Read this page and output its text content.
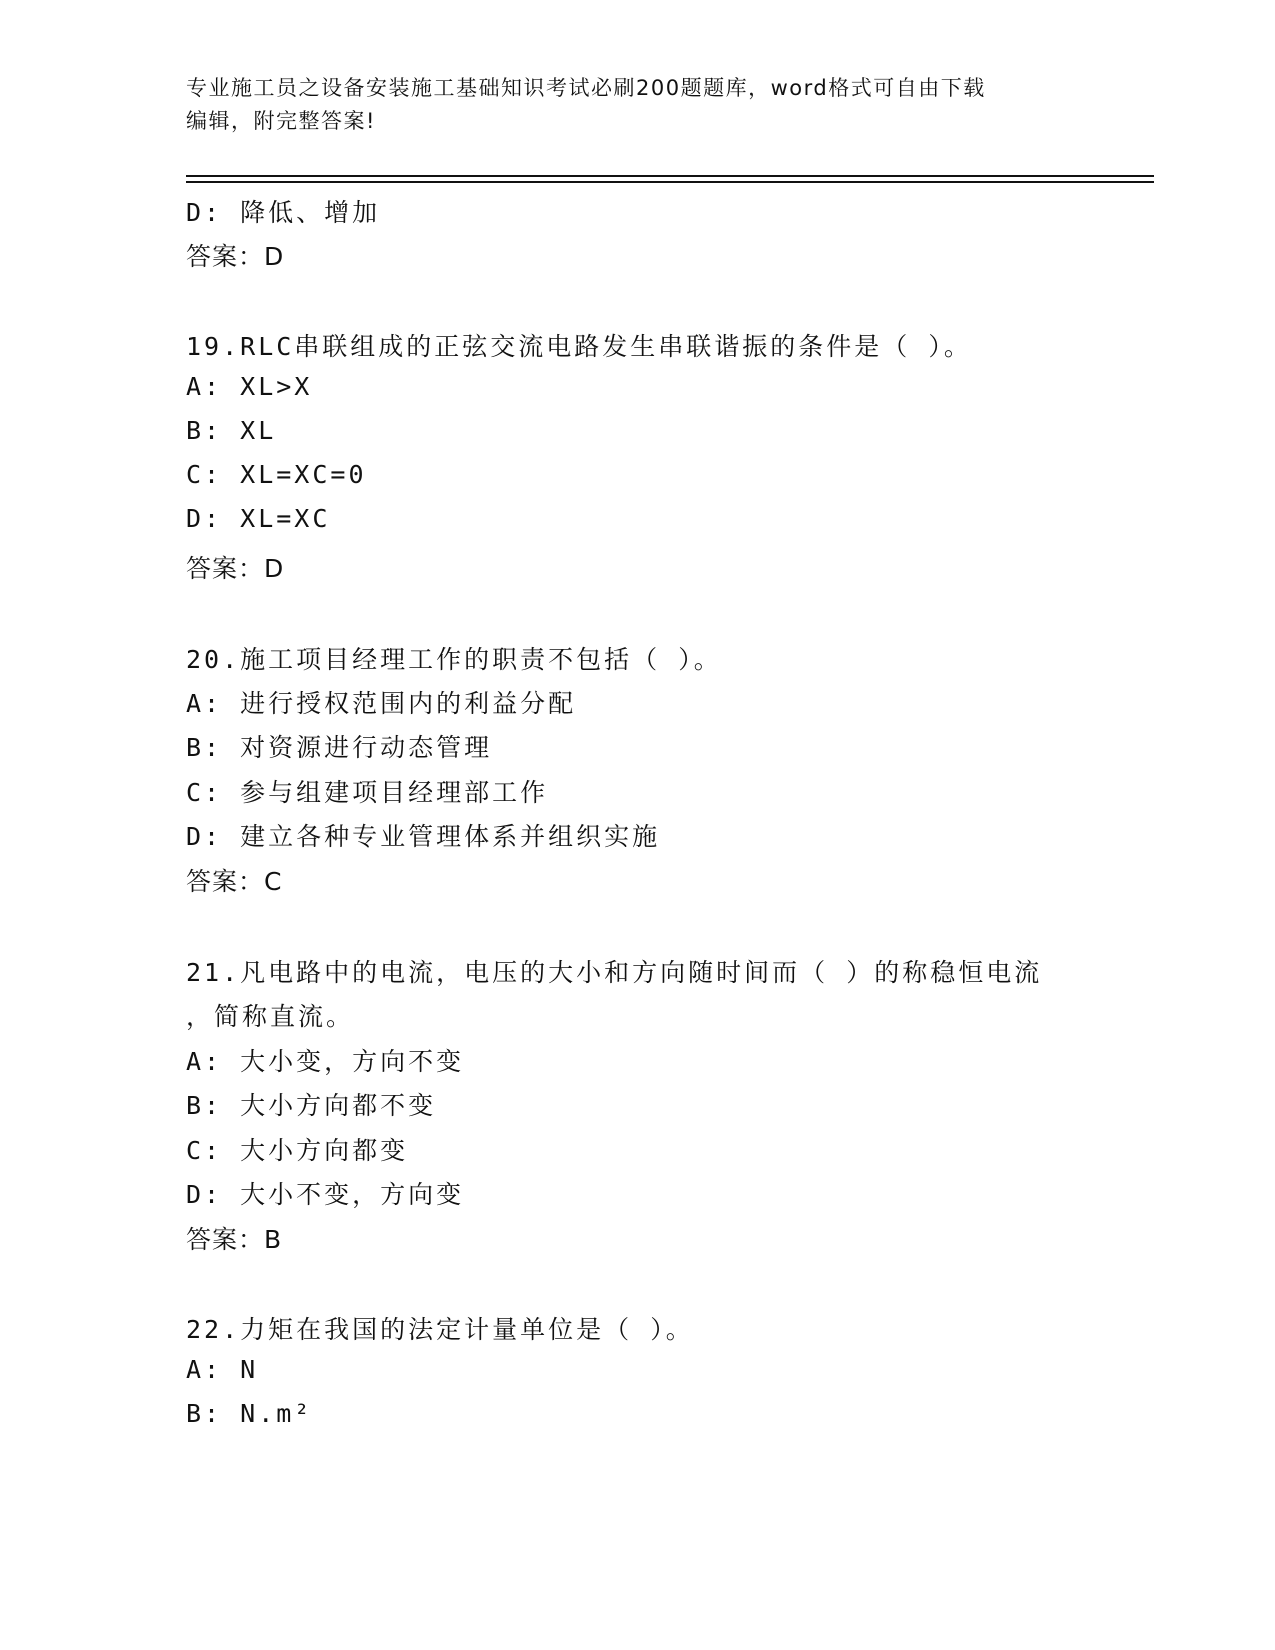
专业施工员之设备安装施工基础知识考试必刷200题题库，word格式可自由下载
编辑，附完整答案!
D: 降低、增加
答案：D
19.RLC串联组成的正弦交流电路发生串联谐振的条件是（ ）。
A: XL>X
B: XL
C: XL=XC=0
D: XL=XC
答案：D
20.施工项目经理工作的职责不包括（ ）。
A: 进行授权范围内的利益分配
B: 对资源进行动态管理
C: 参与组建项目经理部工作
D: 建立各种专业管理体系并组织实施
答案：C
21.凡电路中的电流，电压的大小和方向随时间而（ ）的称稳恒电流
，简称直流。
A: 大小变，方向不变
B: 大小方向都不变
C: 大小方向都变
D: 大小不变，方向变
答案：B
22.力矩在我国的法定计量单位是（ ）。
A: N
B: N.m²
